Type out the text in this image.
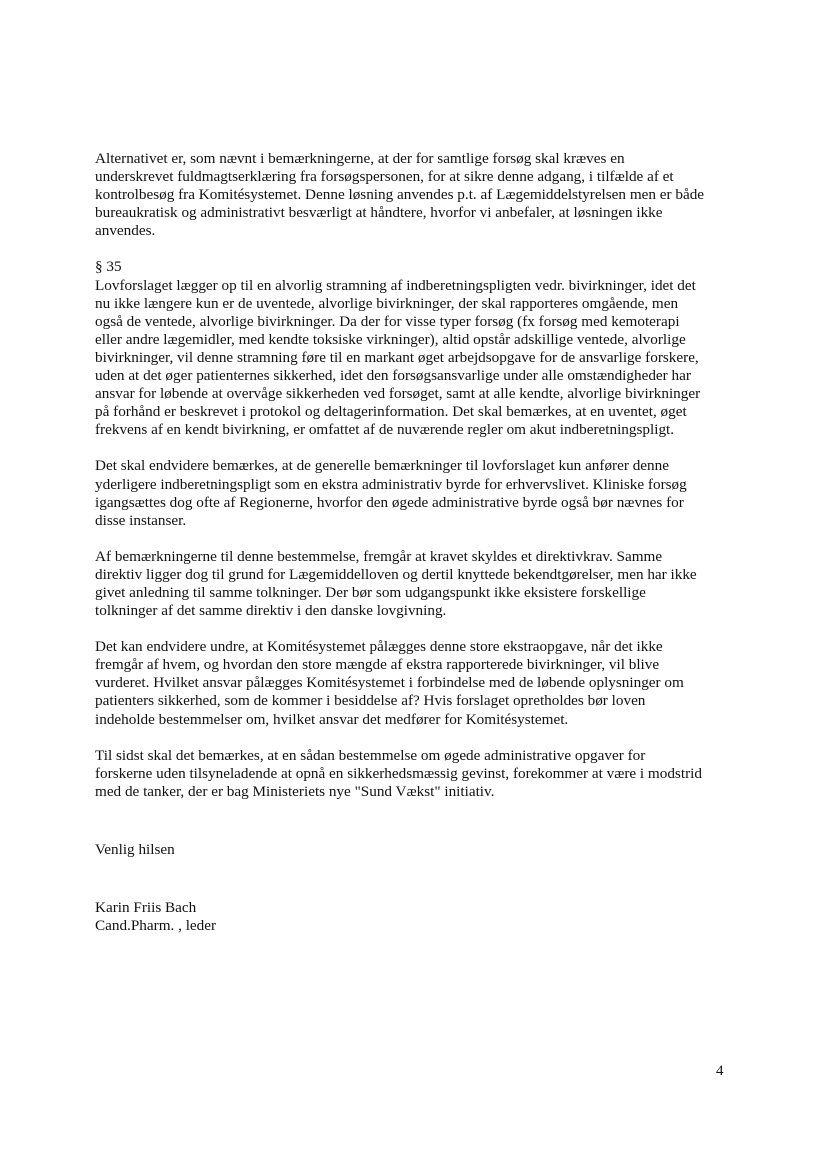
Alternativet er, som nævnt i bemærkningerne, at der for samtlige forsøg skal kræves en
underskrevet fuldmagtserklæring fra forsøgspersonen, for at sikre denne adgang, i tilfælde af et
kontrolbesøg fra Komitésystemet. Denne løsning anvendes p.t. af Lægemiddelstyrelsen men er både
bureaukratisk og administrativt besværligt at håndtere, hvorfor vi anbefaler, at løsningen ikke
anvendes.

§ 35
Lovforslaget lægger op til en alvorlig stramning af indberetningspligten vedr. bivirkninger, idet det
nu ikke længere kun er de uventede, alvorlige bivirkninger, der skal rapporteres omgående, men
også de ventede, alvorlige bivirkninger. Da der for visse typer forsøg (fx forsøg med kemoterapi
eller andre lægemidler, med kendte toksiske virkninger), altid opstår adskillige ventede, alvorlige
bivirkninger, vil denne stramning føre til en markant øget arbejdsopgave for de ansvarlige forskere,
uden at det øger patienternes sikkerhed, idet den forsøgsansvarlige under alle omstændigheder har
ansvar for løbende at overvåge sikkerheden ved forsøget, samt at alle kendte, alvorlige bivirkninger
på forhånd er beskrevet i protokol og deltagerinformation. Det skal bemærkes, at en uventet, øget
frekvens af en kendt bivirkning, er omfattet af de nuværende regler om akut indberetningspligt.

Det skal endvidere bemærkes, at de generelle bemærkninger til lovforslaget kun anfører denne
yderligere indberetningspligt som en ekstra administrativ byrde for erhvervslivet. Kliniske forsøg
igangsættes dog ofte af Regionerne, hvorfor den øgede administrative byrde også bør nævnes for
disse instanser.

Af bemærkningerne til denne bestemmelse, fremgår at kravet skyldes et direktivkrav. Samme
direktiv ligger dog til grund for Lægemiddelloven og dertil knyttede bekendtgørelser, men har ikke
givet anledning til samme tolkninger. Der bør som udgangspunkt ikke eksistere forskellige
tolkninger af det samme direktiv i den danske lovgivning.

Det kan endvidere undre, at Komitésystemet pålægges denne store ekstraopgave, når det ikke
fremgår af hvem, og hvordan den store mængde af ekstra rapporterede bivirkninger, vil blive
vurderet. Hvilket ansvar pålægges Komitésystemet i forbindelse med de løbende oplysninger om
patienters sikkerhed, som de kommer i besiddelse af? Hvis forslaget opretholdes bør loven
indeholde bestemmelser om, hvilket ansvar det medfører for Komitésystemet.

Til sidst skal det bemærkes, at en sådan bestemmelse om øgede administrative opgaver for
forskerne uden tilsyneladende at opnå en sikkerhedsmæssig gevinst, forekommer at være i modstrid
med de tanker, der er bag Ministeriets nye "Sund Vækst" initiativ.

Venlig hilsen

Karin Friis Bach
Cand.Pharm. , leder

4
